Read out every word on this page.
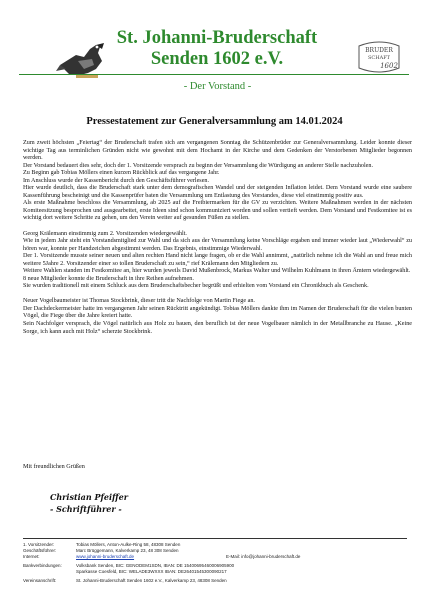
St. Johanni-Bruderschaft
Senden 1602 e.V.
- Der Vorstand -
BRUDER
SCHAFT
1602
Pressestatement zur Generalversammlung am 14.01.2024

Zum zweit höchsten „Feiertag“ der Bruderschaft trafen sich am vergangenen Sonntag die Schützenbrüder zur Generalversammlung. Leider konnte dieser wichtige Tag aus terminlichen Gründen nicht wie gewohnt mit dem Hochamt in der Kirche und dem Gedenken der Verstorbenen Mitglieder begonnen werden.

Der Vorstand bedauert dies sehr, doch der 1. Vorsitzende versprach zu beginn der Versammlung die Würdigung an anderer Stelle nachzuholen.

Zu Beginn gab Tobias Möllers einen kurzen Rückblick auf das vergangene Jahr.

Im Anschluss wurde der Kassenbericht durch den Geschäftsführer verlesen.

Hier wurde deutlich, dass die Bruderschaft stark unter dem demografischen Wandel und der steigenden Inflation leidet. Dem Vorstand wurde eine saubere Kassenführung bescheinigt und die Kassenprüfer baten die Versammlung um Entlastung des Vorstandes, diese viel einstimmig positiv aus.

Als erste Maßnahme beschloss die Versammlung, ab 2025 auf die Freibiermarken für die GV zu verzichten. Weitere Maßnahmen werden in der nächsten Komiteesitzung besprochen und ausgearbeitet, erste Ideen sind schon kommuniziert worden und sollen vertieft werden. Dem Vorstand und Festkomitee ist es wichtig dort weitere Schritte zu gehen, um den Verein weiter auf gesunden Füßen zu stellen.

Georg Krälemann einstimmig zum 2. Vorsitzenden wiedergewählt.

Wie in jedem Jahr steht ein Vorstandsmitglied zur Wahl und da sich aus der Versammlung keine Vorschläge ergaben und immer wieder laut „Wiederwahl“ zu hören war, konnte per Handzeichen abgestimmt werden. Das Ergebnis, einstimmige Wiederwahl.

Der 1. Vorsitzende musste seiner neuen und alten rechten Hand nicht lange fragen, ob er die Wahl annimmt, „natürlich nehme ich die Wahl an und freue mich weitere 5Jahre 2. Vorsitzender einer so tollen Bruderschaft zu sein,“ rief Krälemann den Mitgliedern zu.

Weitere Wahlen standen im Festkomitee an, hier wurden jeweils David Mußenbrock, Markus Walter und Wilhelm Kuhlmann in ihren Ämtern wiedergewählt.

8 neue Mitglieder konnte die Bruderschaft in ihre Reihen aufnehmen.

Sie wurden traditionell mit einem Schluck aus dem Bruderschaftsbecher begrüßt und erhielten vom Vorstand ein Chronikbuch als Geschenk.

Neuer Vogelbaumeister ist Thomas Stockbrink, dieser tritt die Nachfolge von Martin Fiege an.

Der Dachdeckermeister hatte im vergangenen Jahr seinen Rücktritt angekündigt. Tobias Möllers dankte ihm im Namen der Bruderschaft für die vielen bunten Vögel, die Fiege über die Jahre kreiert hatte.

Sein Nachfolger versprach, die Vögel natürlich aus Holz zu bauen, den beruflich ist der neue Vogelbauer nämlich in der Metallbranche zu Hause. „Keine Sorge, ich kann auch mit Holz“ scherzte Stockbrink.

Mit freundlichen Grüßen
Christian Pfeiffer
- Schriftführer -
1. Vorsitzender:	Tobias Möllers, Anton-Aulke-Ring 58, 48308 Senden
Geschäftsführer:	Marc Brüggemann, Kalverkamp 23, 48 308 Senden
Internet:	www.johanni-bruderschaft.de	E-Mail: info@johanni-bruderschaft.de
Bankverbindungen:	Volksbank Senden, BIC: GENODEM1SDN, IBAN: DE 15400695460006905900
Sparkasse Coesfeld, BIC: WELADE3WXXX IBAN: DE26401545300090217
Vereinsanschrift:	St. Johanni-Bruderschaft Senden 1602 e.V., Kalverkamp 23, 48308 Senden
